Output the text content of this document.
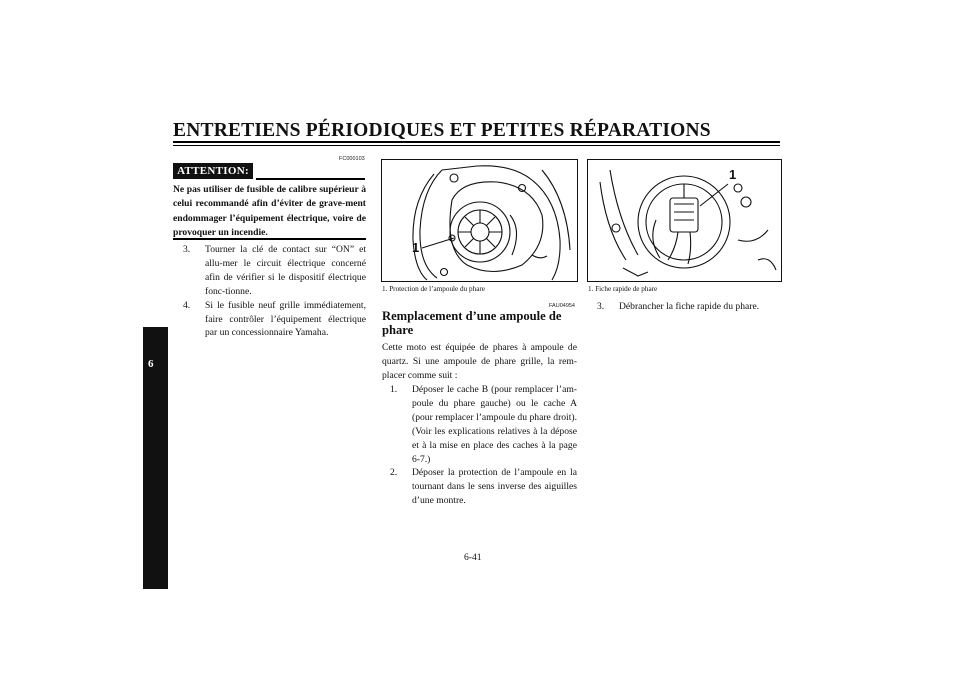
ENTRETIENS PÉRIODIQUES ET PETITES RÉPARATIONS
6
FC000103
ATTENTION:
Ne pas utiliser de fusible de calibre supérieur à celui recommandé afin d’éviter de grave-ment endommager l’équipement électrique, voire de provoquer un incendie.
3. Tourner la clé de contact sur “ON” et allu-mer le circuit électrique concerné afin de vérifier si le dispositif électrique fonc-tionne.
4. Si le fusible neuf grille immédiatement, faire contrôler l’équipement électrique par un concessionnaire Yamaha.
1
1. Protection de l’ampoule du phare
FAU04954
Remplacement d’une ampoule de phare
Cette moto est équipée de phares à ampoule de quartz. Si une ampoule de phare grille, la rem-placer comme suit :
1. Déposer le cache B (pour remplacer l’am-poule du phare gauche) ou le cache A (pour remplacer l’ampoule du phare droit). (Voir les explications relatives à la dépose et à la mise en place des caches à la page 6-7.)
2. Déposer la protection de l’ampoule en la tournant dans le sens inverse des aiguilles d’une montre.
1
1. Fiche rapide de phare
3. Débrancher la fiche rapide du phare.
6-41
